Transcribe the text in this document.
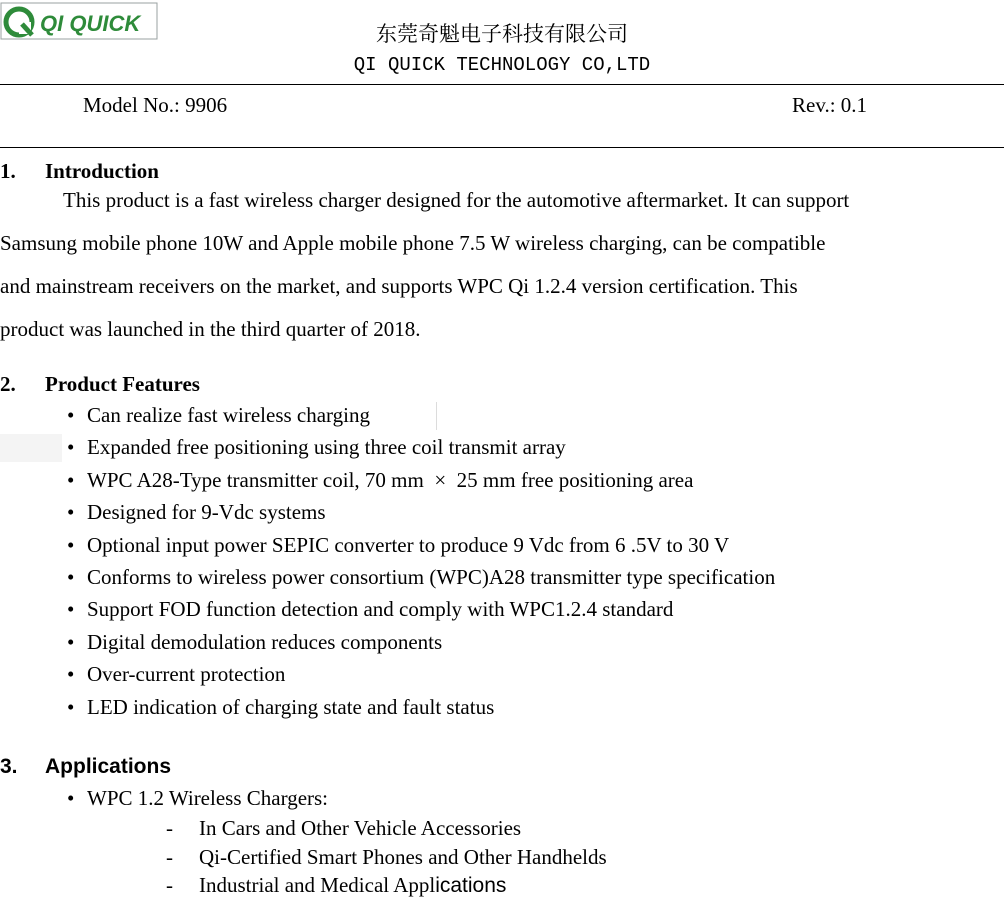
QI QUICK	东莞奇魁电子科技有限公司
QI QUICK TECHNOLOGY CO,LTD
Model No.: 9906	Rev.: 0.1
1. Introduction
This product is a fast wireless charger designed for the automotive aftermarket. It can support
Samsung mobile phone 10W and Apple mobile phone 7.5 W wireless charging, can be compatible
and mainstream receivers on the market, and supports WPC Qi 1.2.4 version certification. This
product was launched in the third quarter of 2018.
2. Product Features
• Can realize fast wireless charging
• Expanded free positioning using three coil transmit array
• WPC A28-Type transmitter coil, 70 mm  ×  25 mm free positioning area
• Designed for 9-Vdc systems
• Optional input power SEPIC converter to produce 9 Vdc from 6 .5V to 30 V
• Conforms to wireless power consortium (WPC)A28 transmitter type specification
• Support FOD function detection and comply with WPC1.2.4 standard
• Digital demodulation reduces components
• Over-current protection
• LED indication of charging state and fault status
3. Applications
• WPC 1.2 Wireless Chargers:
- In Cars and Other Vehicle Accessories
- Qi-Certified Smart Phones and Other Handhelds
- Industrial and Medical Applications
